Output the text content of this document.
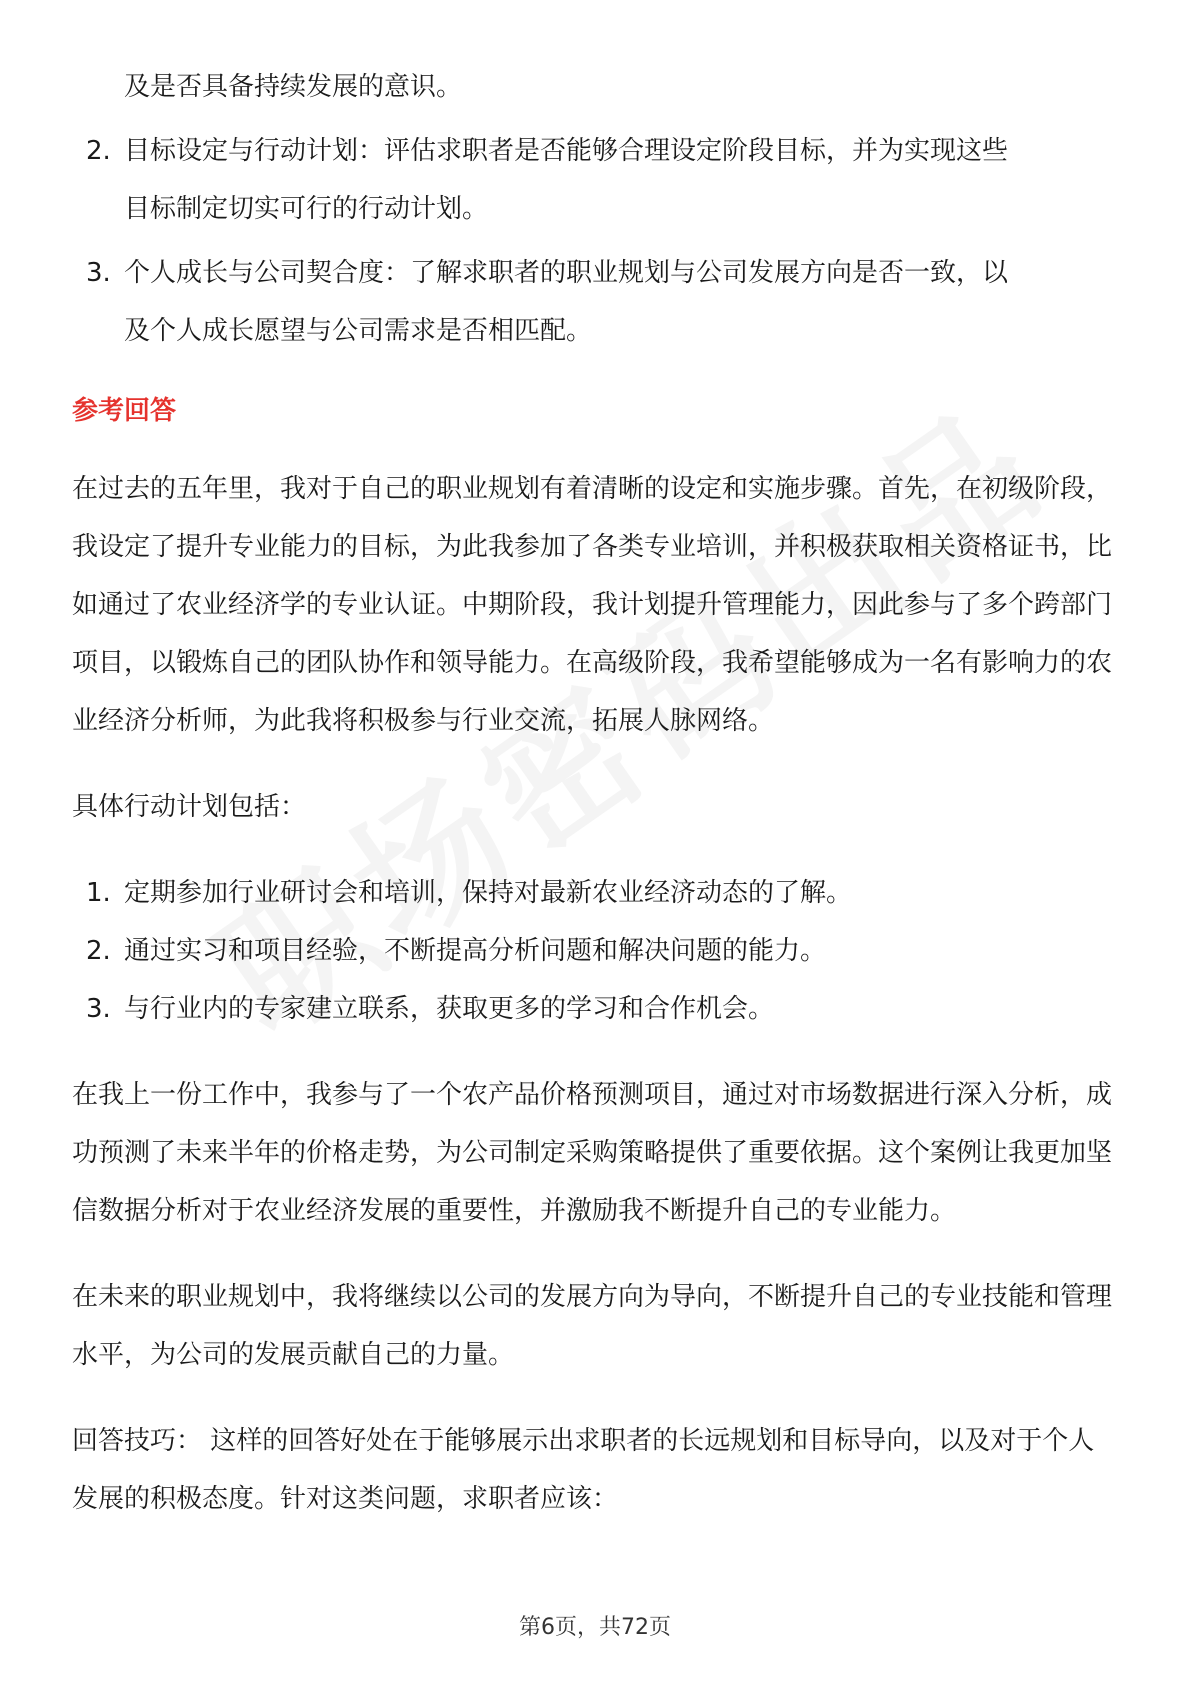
及是否具备持续发展的意识。

2. 目标设定与行动计划：评估求职者是否能够合理设定阶段目标，并为实现这些
目标制定切实可行的行动计划。
3. 个人成长与公司契合度：了解求职者的职业规划与公司发展方向是否一致，以
及个人成长愿望与公司需求是否相匹配。
参考回答

在过去的五年里，我对于自己的职业规划有着清晰的设定和实施步骤。首先，在初级阶段，我设定了提升专业能力的目标，为此我参加了各类专业培训，并积极获取相关资格证书，比如通过了农业经济学的专业认证。中期阶段，我计划提升管理能力，因此参与了多个跨部门项目，以锻炼自己的团队协作和领导能力。在高级阶段，我希望能够成为一名有影响力的农业经济分析师，为此我将积极参与行业交流，拓展人脉网络。

具体行动计划包括：

1. 定期参加行业研讨会和培训，保持对最新农业经济动态的了解。
2. 通过实习和项目经验，不断提高分析问题和解决问题的能力。
3. 与行业内的专家建立联系，获取更多的学习和合作机会。

在我上一份工作中，我参与了一个农产品价格预测项目，通过对市场数据进行深入分析，成功预测了未来半年的价格走势，为公司制定采购策略提供了重要依据。这个案例让我更加坚信数据分析对于农业经济发展的重要性，并激励我不断提升自己的专业能力。

在未来的职业规划中，我将继续以公司的发展方向为导向，不断提升自己的专业技能和管理水平，为公司的发展贡献自己的力量。

回答技巧： 这样的回答好处在于能够展示出求职者的长远规划和目标导向，以及对于个人发展的积极态度。针对这类问题，求职者应该：

第6页，共72页
